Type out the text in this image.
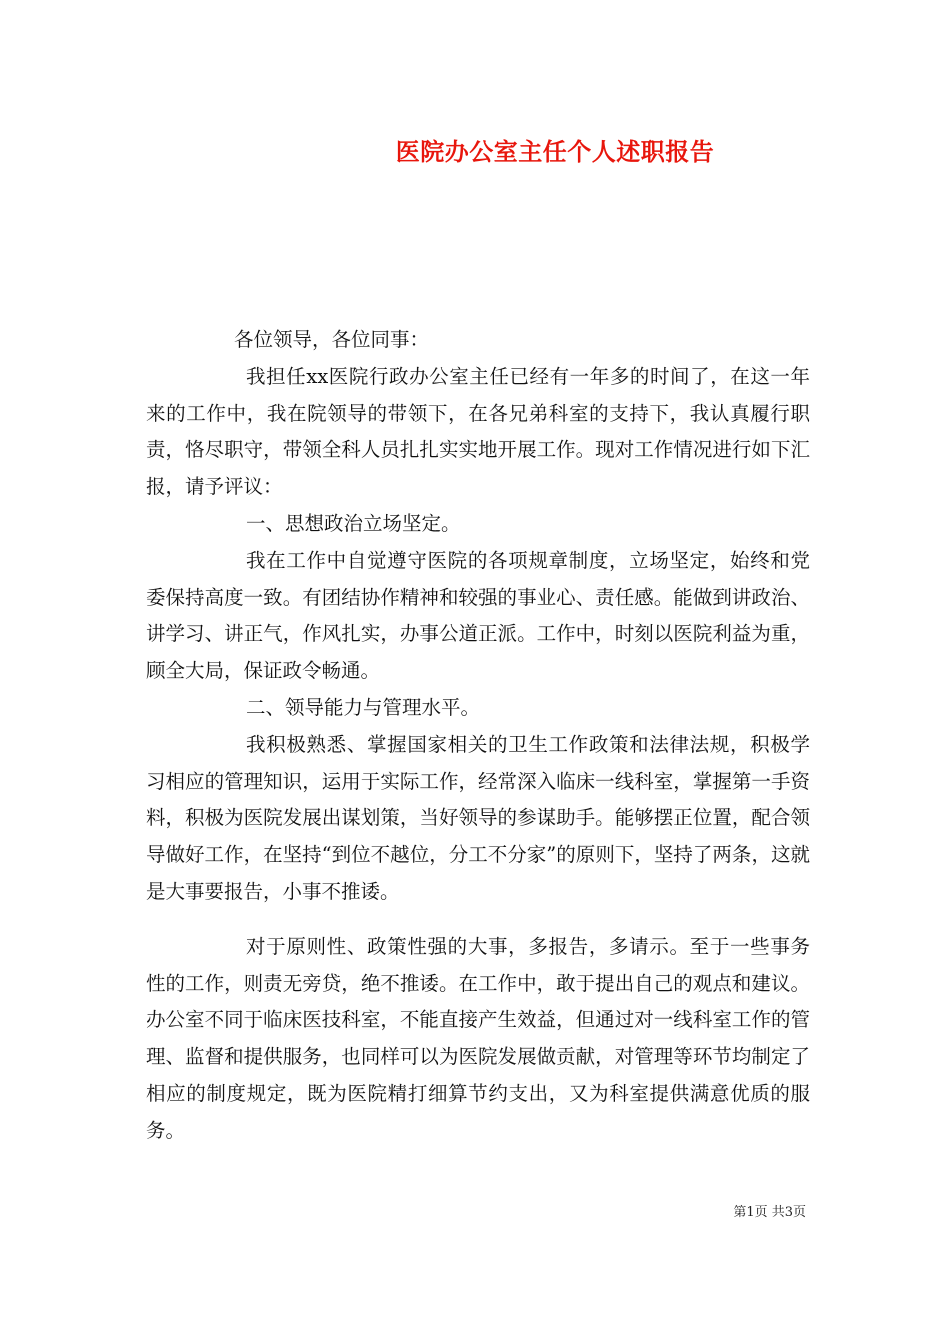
医院办公室主任个人述职报告

各位领导，各位同事：

我担任xx医院行政办公室主任已经有一年多的时间了，在这一年来的工作中，我在院领导的带领下，在各兄弟科室的支持下，我认真履行职责，恪尽职守，带领全科人员扎扎实实地开展工作。现对工作情况进行如下汇报，请予评议：

一、思想政治立场坚定。

我在工作中自觉遵守医院的各项规章制度，立场坚定，始终和党委保持高度一致。有团结协作精神和较强的事业心、责任感。能做到讲政治、讲学习、讲正气，作风扎实，办事公道正派。工作中，时刻以医院利益为重，顾全大局，保证政令畅通。

二、领导能力与管理水平。

我积极熟悉、掌握国家相关的卫生工作政策和法律法规，积极学习相应的管理知识，运用于实际工作，经常深入临床一线科室，掌握第一手资料，积极为医院发展出谋划策，当好领导的参谋助手。能够摆正位置，配合领导做好工作，在坚持“到位不越位，分工不分家”的原则下，坚持了两条，这就是大事要报告，小事不推诿。

对于原则性、政策性强的大事，多报告，多请示。至于一些事务性的工作，则责无旁贷，绝不推诿。在工作中，敢于提出自己的观点和建议。办公室不同于临床医技科室，不能直接产生效益，但通过对一线科室工作的管理、监督和提供服务，也同样可以为医院发展做贡献，对管理等环节均制定了相应的制度规定，既为医院精打细算节约支出，又为科室提供满意优质的服务。

第1页 共3页
